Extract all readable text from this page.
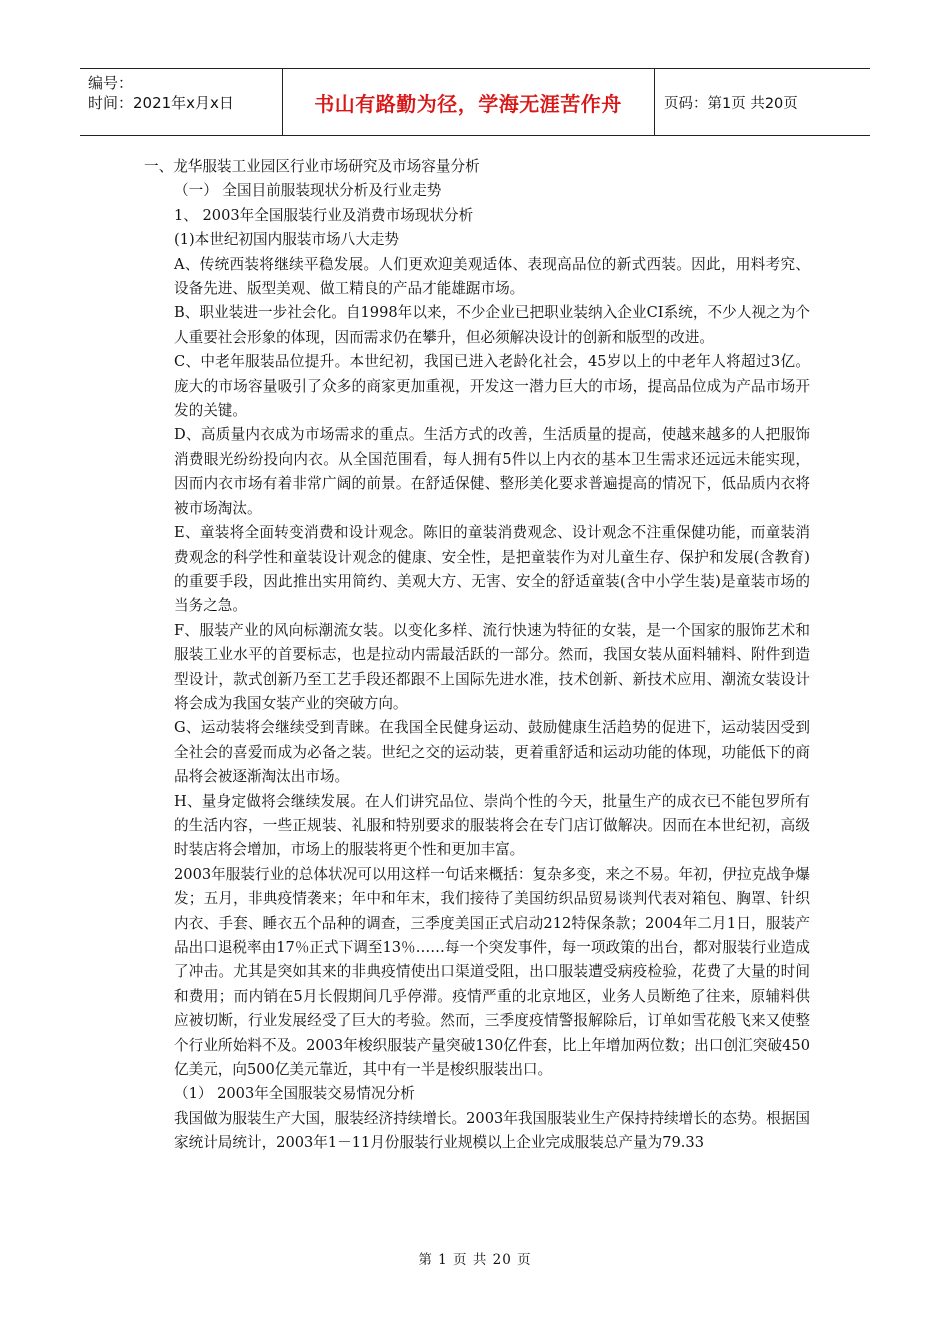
编号：
时间：2021年x月x日	书山有路勤为径，学海无涯苦作舟	页码：第1页 共20页

一、龙华服装工业园区行业市场研究及市场容量分析

（一） 全国目前服装现状分析及行业走势

1、 2003年全国服装行业及消费市场现状分析

(1)本世纪初国内服装市场八大走势

A、传统西装将继续平稳发展。人们更欢迎美观适体、表现高品位的新式西装。因此，用料考究、设备先进、版型美观、做工精良的产品才能雄踞市场。

B、职业装进一步社会化。自1998年以来，不少企业已把职业装纳入企业CI系统，不少人视之为个人重要社会形象的体现，因而需求仍在攀升，但必须解决设计的创新和版型的改进。

C、中老年服装品位提升。本世纪初，我国已进入老龄化社会，45岁以上的中老年人将超过3亿。庞大的市场容量吸引了众多的商家更加重视，开发这一潜力巨大的市场，提高品位成为产品市场开发的关键。

D、高质量内衣成为市场需求的重点。生活方式的改善，生活质量的提高，使越来越多的人把服饰消费眼光纷纷投向内衣。从全国范围看，每人拥有5件以上内衣的基本卫生需求还远远未能实现，因而内衣市场有着非常广阔的前景。在舒适保健、整形美化要求普遍提高的情况下，低品质内衣将被市场淘汰。

E、童装将全面转变消费和设计观念。陈旧的童装消费观念、设计观念不注重保健功能，而童装消费观念的科学性和童装设计观念的健康、安全性，是把童装作为对儿童生存、保护和发展(含教育)的重要手段，因此推出实用简约、美观大方、无害、安全的舒适童装(含中小学生装)是童装市场的当务之急。

F、服装产业的风向标潮流女装。以变化多样、流行快速为特征的女装，是一个国家的服饰艺术和服装工业水平的首要标志，也是拉动内需最活跃的一部分。然而，我国女装从面料辅料、附件到造型设计，款式创新乃至工艺手段还都跟不上国际先进水准，技术创新、新技术应用、潮流女装设计将会成为我国女装产业的突破方向。

G、运动装将会继续受到青睐。在我国全民健身运动、鼓励健康生活趋势的促进下，运动装因受到全社会的喜爱而成为必备之装。世纪之交的运动装，更着重舒适和运动功能的体现，功能低下的商品将会被逐渐淘汰出市场。

H、量身定做将会继续发展。在人们讲究品位、崇尚个性的今天，批量生产的成衣已不能包罗所有的生活内容，一些正规装、礼服和特别要求的服装将会在专门店订做解决。因而在本世纪初，高级时装店将会增加，市场上的服装将更个性和更加丰富。

2003年服装行业的总体状况可以用这样一句话来概括：复杂多变，来之不易。年初，伊拉克战争爆发；五月，非典疫情袭来；年中和年末，我们接待了美国纺织品贸易谈判代表对箱包、胸罩、针织内衣、手套、睡衣五个品种的调查，三季度美国正式启动212特保条款；2004年二月1日，服装产品出口退税率由17％正式下调至13％……每一个突发事件，每一项政策的出台，都对服装行业造成了冲击。尤其是突如其来的非典疫情使出口渠道受阻，出口服装遭受病疫检验，花费了大量的时间和费用；而内销在5月长假期间几乎停滞。疫情严重的北京地区，业务人员断绝了往来，原辅料供应被切断，行业发展经受了巨大的考验。然而，三季度疫情警报解除后，订单如雪花般飞来又使整个行业所始料不及。2003年梭织服装产量突破130亿件套，比上年增加两位数；出口创汇突破450亿美元，向500亿美元靠近，其中有一半是梭织服装出口。

（1） 2003年全国服装交易情况分析

我国做为服装生产大国，服装经济持续增长。2003年我国服装业生产保持持续增长的态势。根据国家统计局统计，2003年1－11月份服装行业规模以上企业完成服装总产量为79.33

第 1 页 共 20 页
